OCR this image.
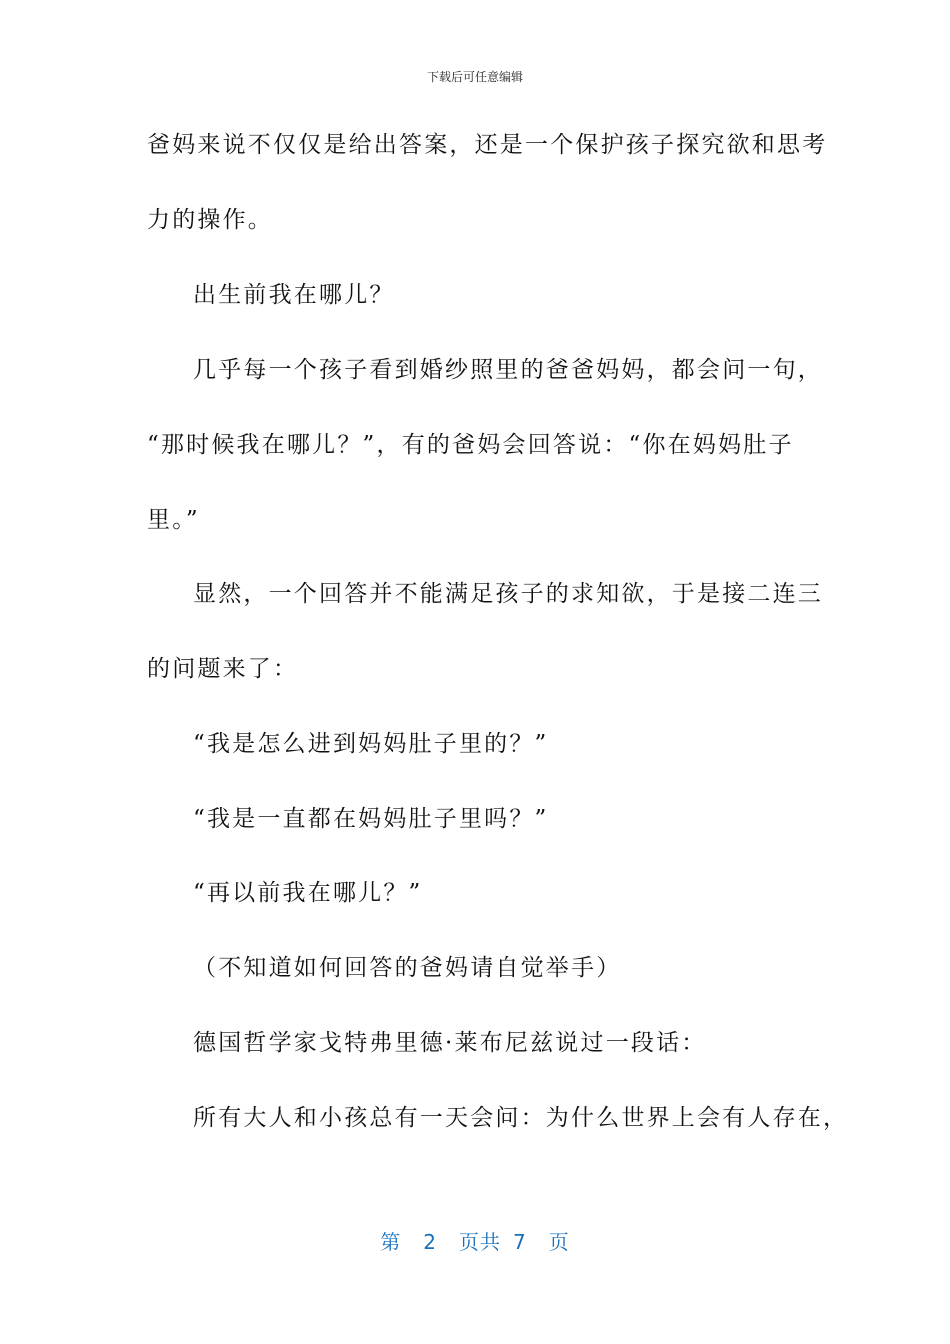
下载后可任意编辑
爸妈来说不仅仅是给出答案，还是一个保护孩子探究欲和思考
力的操作。
出生前我在哪儿？
几乎每一个孩子看到婚纱照里的爸爸妈妈，都会问一句，
“那时候我在哪儿？”，有的爸妈会回答说：“你在妈妈肚子
里。”
显然，一个回答并不能满足孩子的求知欲，于是接二连三
的问题来了：
“我是怎么进到妈妈肚子里的？”
“我是一直都在妈妈肚子里吗？”
“再以前我在哪儿？”
（不知道如何回答的爸妈请自觉举手）
德国哲学家戈特弗里德·莱布尼兹说过一段话：
所有大人和小孩总有一天会问：为什么世界上会有人存在，
第 2 页共 7 页
